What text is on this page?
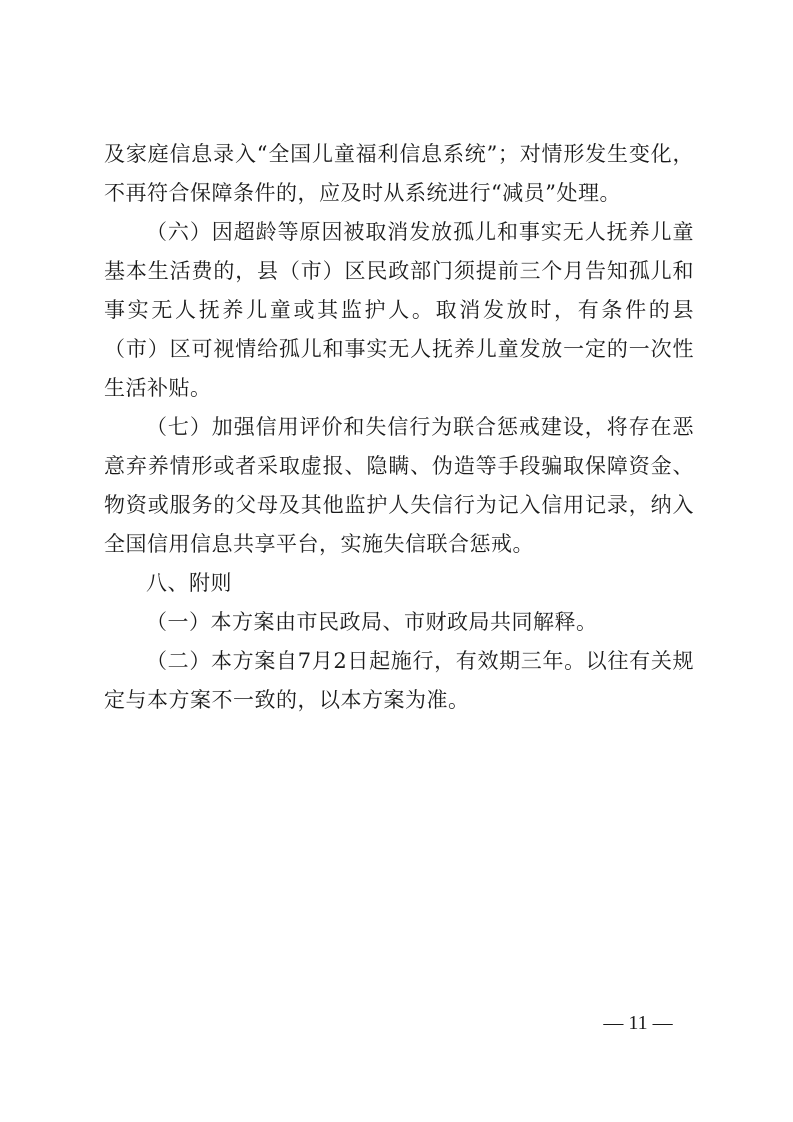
及家庭信息录入“全国儿童福利信息系统”；对情形发生变化，不再符合保障条件的，应及时从系统进行“减员”处理。

（六）因超龄等原因被取消发放孤儿和事实无人抚养儿童基本生活费的，县（市）区民政部门须提前三个月告知孤儿和事实无人抚养儿童或其监护人。取消发放时，有条件的县（市）区可视情给孤儿和事实无人抚养儿童发放一定的一次性生活补贴。

（七）加强信用评价和失信行为联合惩戒建设，将存在恶意弃养情形或者采取虚报、隐瞒、伪造等手段骗取保障资金、物资或服务的父母及其他监护人失信行为记入信用记录，纳入全国信用信息共享平台，实施失信联合惩戒。

八、附则

（一）本方案由市民政局、市财政局共同解释。

（二）本方案自7月2日起施行，有效期三年。以往有关规定与本方案不一致的，以本方案为准。

— 11 —
